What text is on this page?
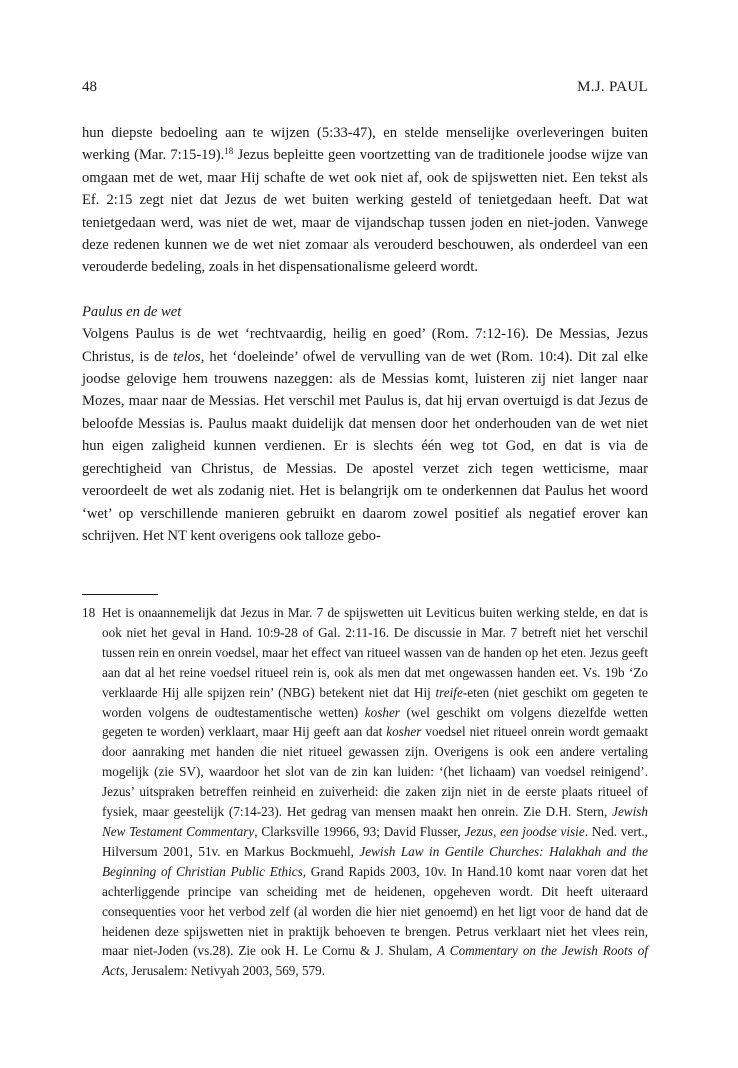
48	M.J. PAUL

hun diepste bedoeling aan te wijzen (5:33-47), en stelde menselijke overleveringen buiten werking (Mar. 7:15-19).$^{18}$ Jezus bepleitte geen voortzetting van de traditionele joodse wijze van omgaan met de wet, maar Hij schafte de wet ook niet af, ook de spijswetten niet. Een tekst als Ef. 2:15 zegt niet dat Jezus de wet buiten werking gesteld of tenietgedaan heeft. Dat wat tenietgedaan werd, was niet de wet, maar de vijandschap tussen joden en niet-joden. Vanwege deze redenen kunnen we de wet niet zomaar als verouderd beschouwen, als onderdeel van een verouderde bedeling, zoals in het dispensationalisme geleerd wordt.

Paulus en de wet

Volgens Paulus is de wet ‘rechtvaardig, heilig en goed’ (Rom. 7:12-16). De Messias, Jezus Christus, is de telos, het ‘doeleinde’ ofwel de vervulling van de wet (Rom. 10:4). Dit zal elke joodse gelovige hem trouwens nazeggen: als de Messias komt, luisteren zij niet langer naar Mozes, maar naar de Messias. Het verschil met Paulus is, dat hij ervan overtuigd is dat Jezus de beloofde Messias is. Paulus maakt duidelijk dat mensen door het onderhouden van de wet niet hun eigen zaligheid kunnen verdienen. Er is slechts één weg tot God, en dat is via de gerechtigheid van Christus, de Messias. De apostel verzet zich tegen wetticisme, maar veroordeelt de wet als zodanig niet. Het is belangrijk om te onderkennen dat Paulus het woord ‘wet’ op verschillende manieren gebruikt en daarom zowel positief als negatief erover kan schrijven. Het NT kent overigens ook talloze gebo-

18 Het is onaannemelijk dat Jezus in Mar. 7 de spijswetten uit Leviticus buiten werking stelde, en dat is ook niet het geval in Hand. 10:9-28 of Gal. 2:11-16. De discussie in Mar. 7 betreft niet het verschil tussen rein en onrein voedsel, maar het effect van ritueel wassen van de handen op het eten. Jezus geeft aan dat al het reine voedsel ritueel rein is, ook als men dat met ongewassen handen eet. Vs. 19b ‘Zo verklaarde Hij alle spijzen rein’ (NBG) betekent niet dat Hij treife-eten (niet geschikt om gegeten te worden volgens de oudtestamentische wetten) kosher (wel geschikt om volgens diezelfde wetten gegeten te worden) verklaart, maar Hij geeft aan dat kosher voedsel niet ritueel onrein wordt gemaakt door aanraking met handen die niet ritueel gewassen zijn. Overigens is ook een andere vertaling mogelijk (zie SV), waardoor het slot van de zin kan luiden: ‘(het lichaam) van voedsel reinigend’. Jezus’ uitspraken betreffen reinheid en zuiverheid: die zaken zijn niet in de eerste plaats ritueel of fysiek, maar geestelijk (7:14-23). Het gedrag van mensen maakt hen onrein. Zie D.H. Stern, Jewish New Testament Commentary, Clarksville 19966, 93; David Flusser, Jezus, een joodse visie. Ned. vert., Hilversum 2001, 51v. en Markus Bockmuehl, Jewish Law in Gentile Churches: Halakhah and the Beginning of Christian Public Ethics, Grand Rapids 2003, 10v. In Hand.10 komt naar voren dat het achterliggende principe van scheiding met de heidenen, opgeheven wordt. Dit heeft uiteraard consequenties voor het verbod zelf (al worden die hier niet genoemd) en het ligt voor de hand dat de heidenen deze spijswetten niet in praktijk behoeven te brengen. Petrus verklaart niet het vlees rein, maar niet-Joden (vs.28). Zie ook H. Le Cornu & J. Shulam, A Commentary on the Jewish Roots of Acts, Jerusalem: Netivyah 2003, 569, 579.
